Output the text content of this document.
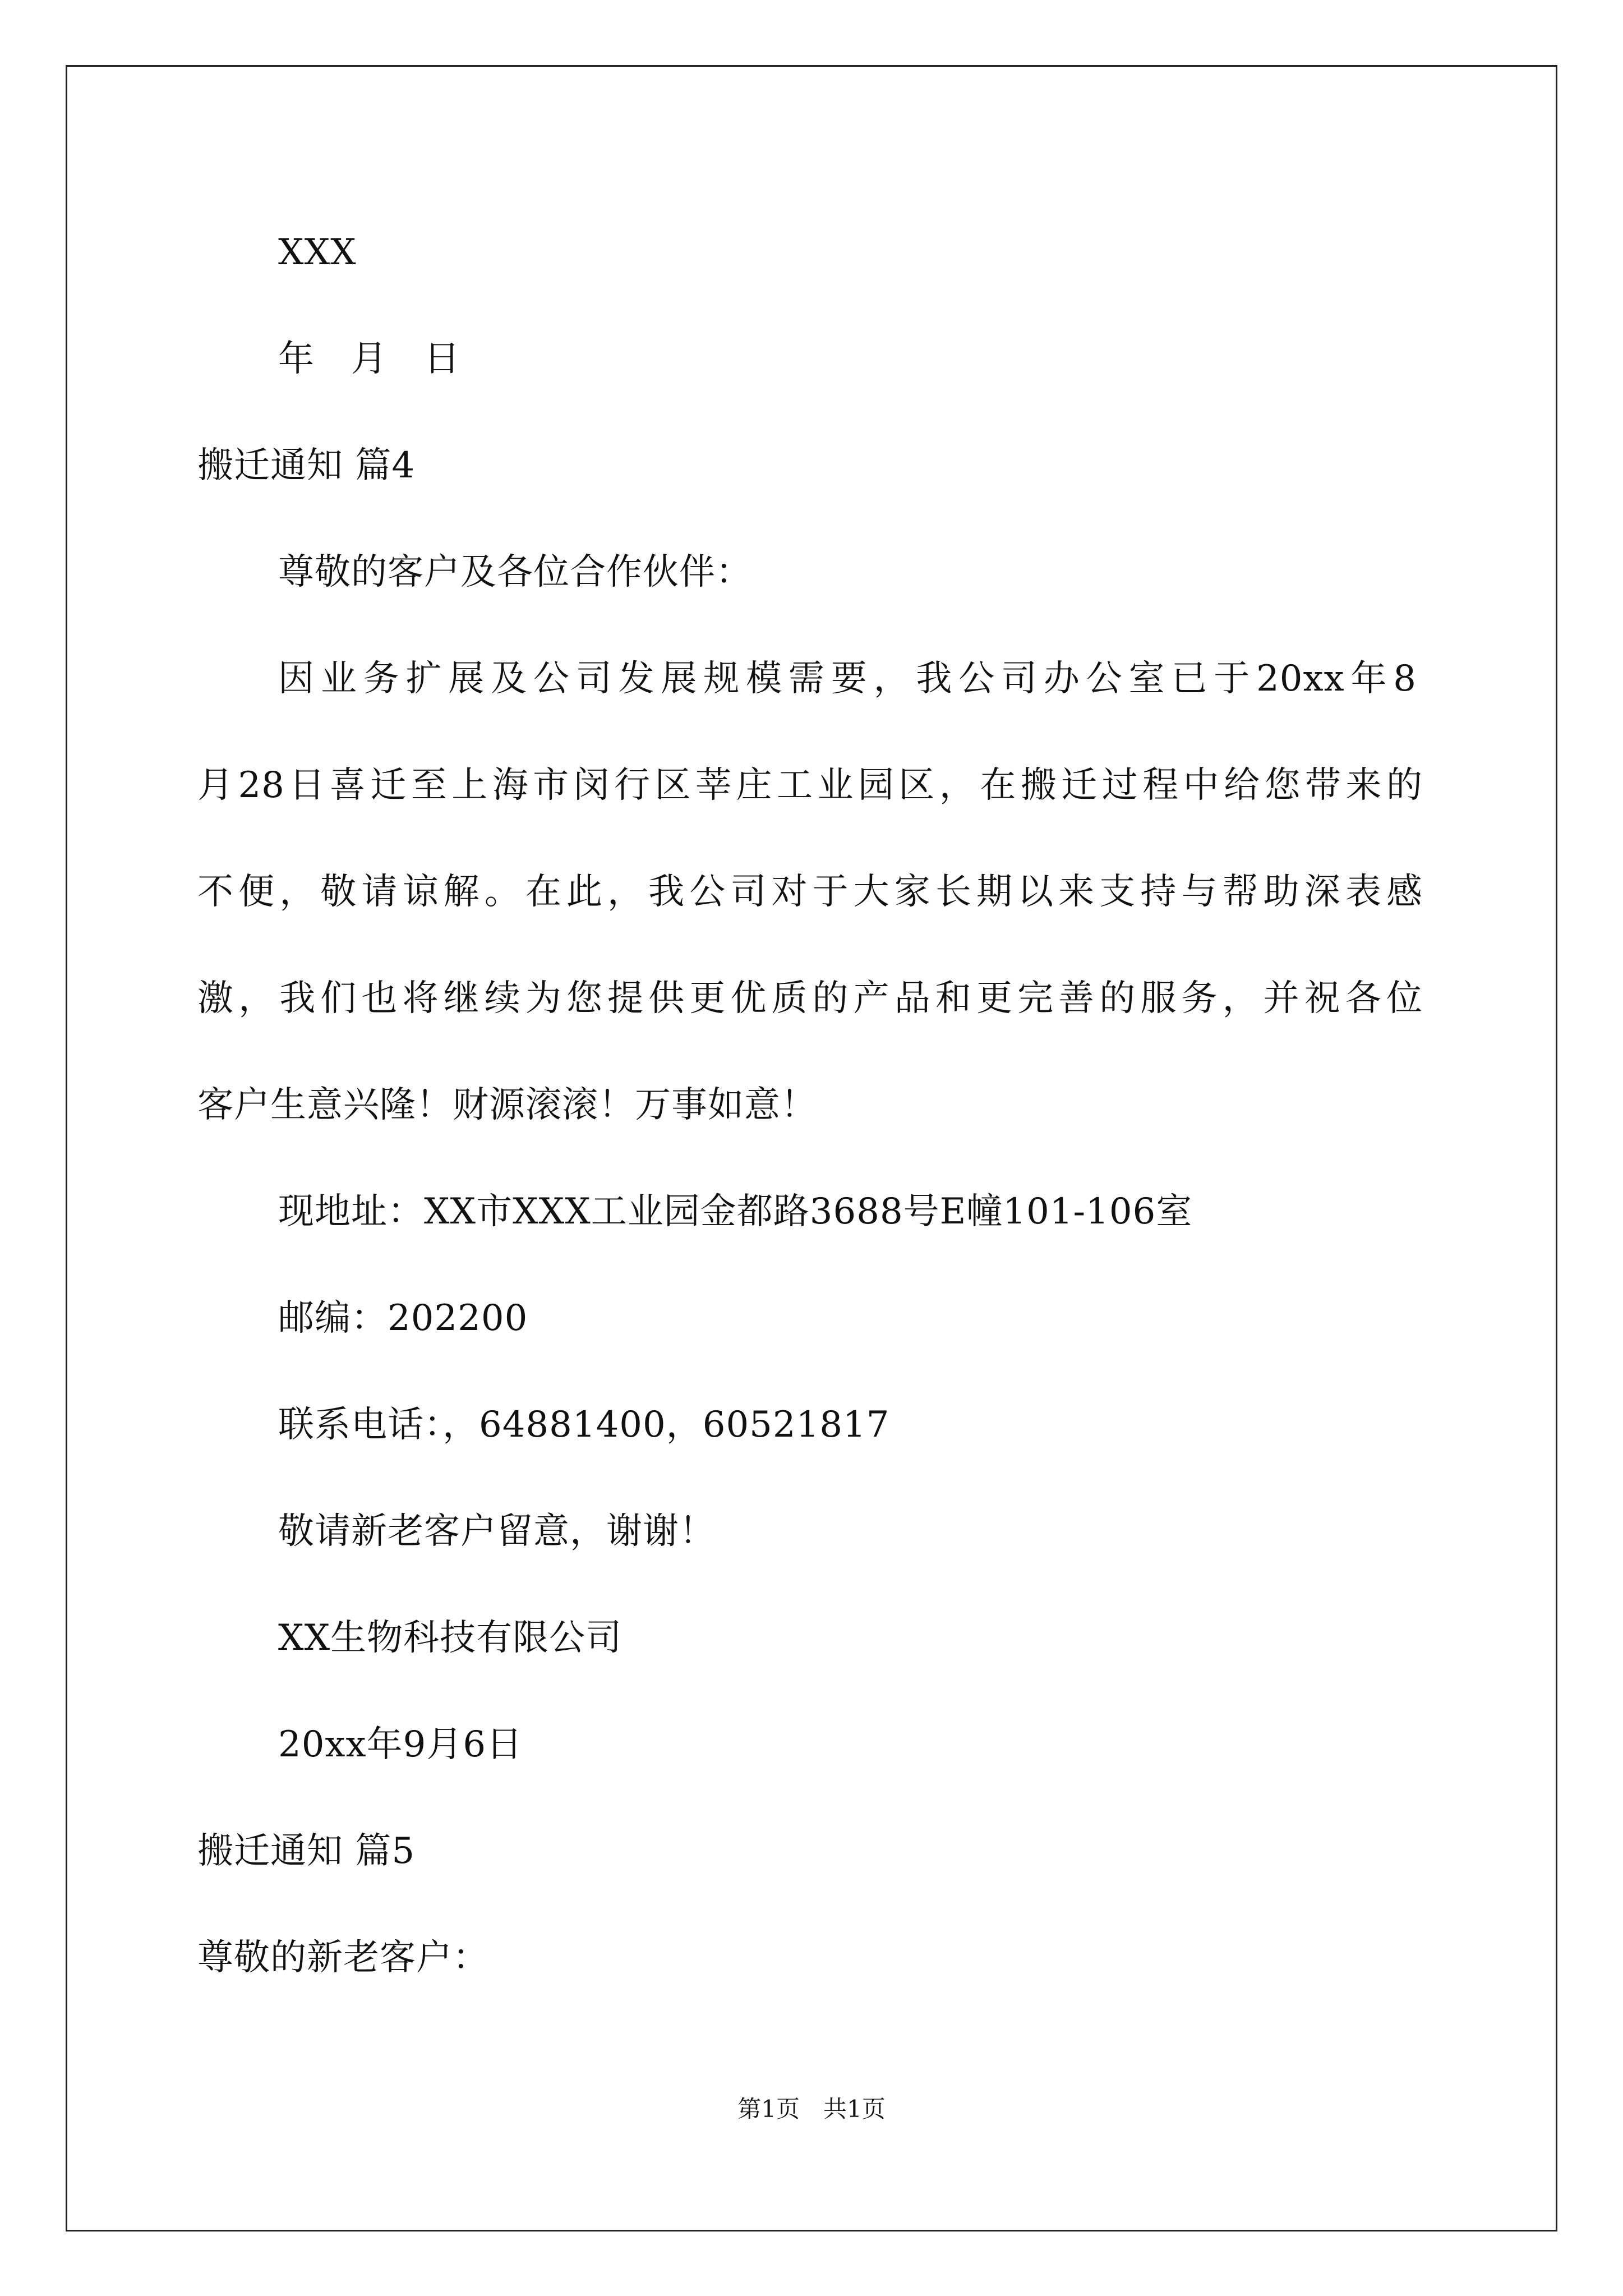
XXX
年　月　日
搬迁通知 篇4
尊敬的客户及各位合作伙伴：
因业务扩展及公司发展规模需要，我公司办公室已于20xx年8
月28日喜迁至上海市闵行区莘庄工业园区，在搬迁过程中给您带来的
不便，敬请谅解。在此，我公司对于大家长期以来支持与帮助深表感
激，我们也将继续为您提供更优质的产品和更完善的服务，并祝各位
客户生意兴隆！财源滚滚！万事如意！
现地址：XX市XXX工业园金都路3688号E幢101-106室
邮编：202200
联系电话：，64881400，60521817
敬请新老客户留意，谢谢！
XX生物科技有限公司
20xx年9月6日
搬迁通知 篇5
尊敬的新老客户：
第1页　共1页
